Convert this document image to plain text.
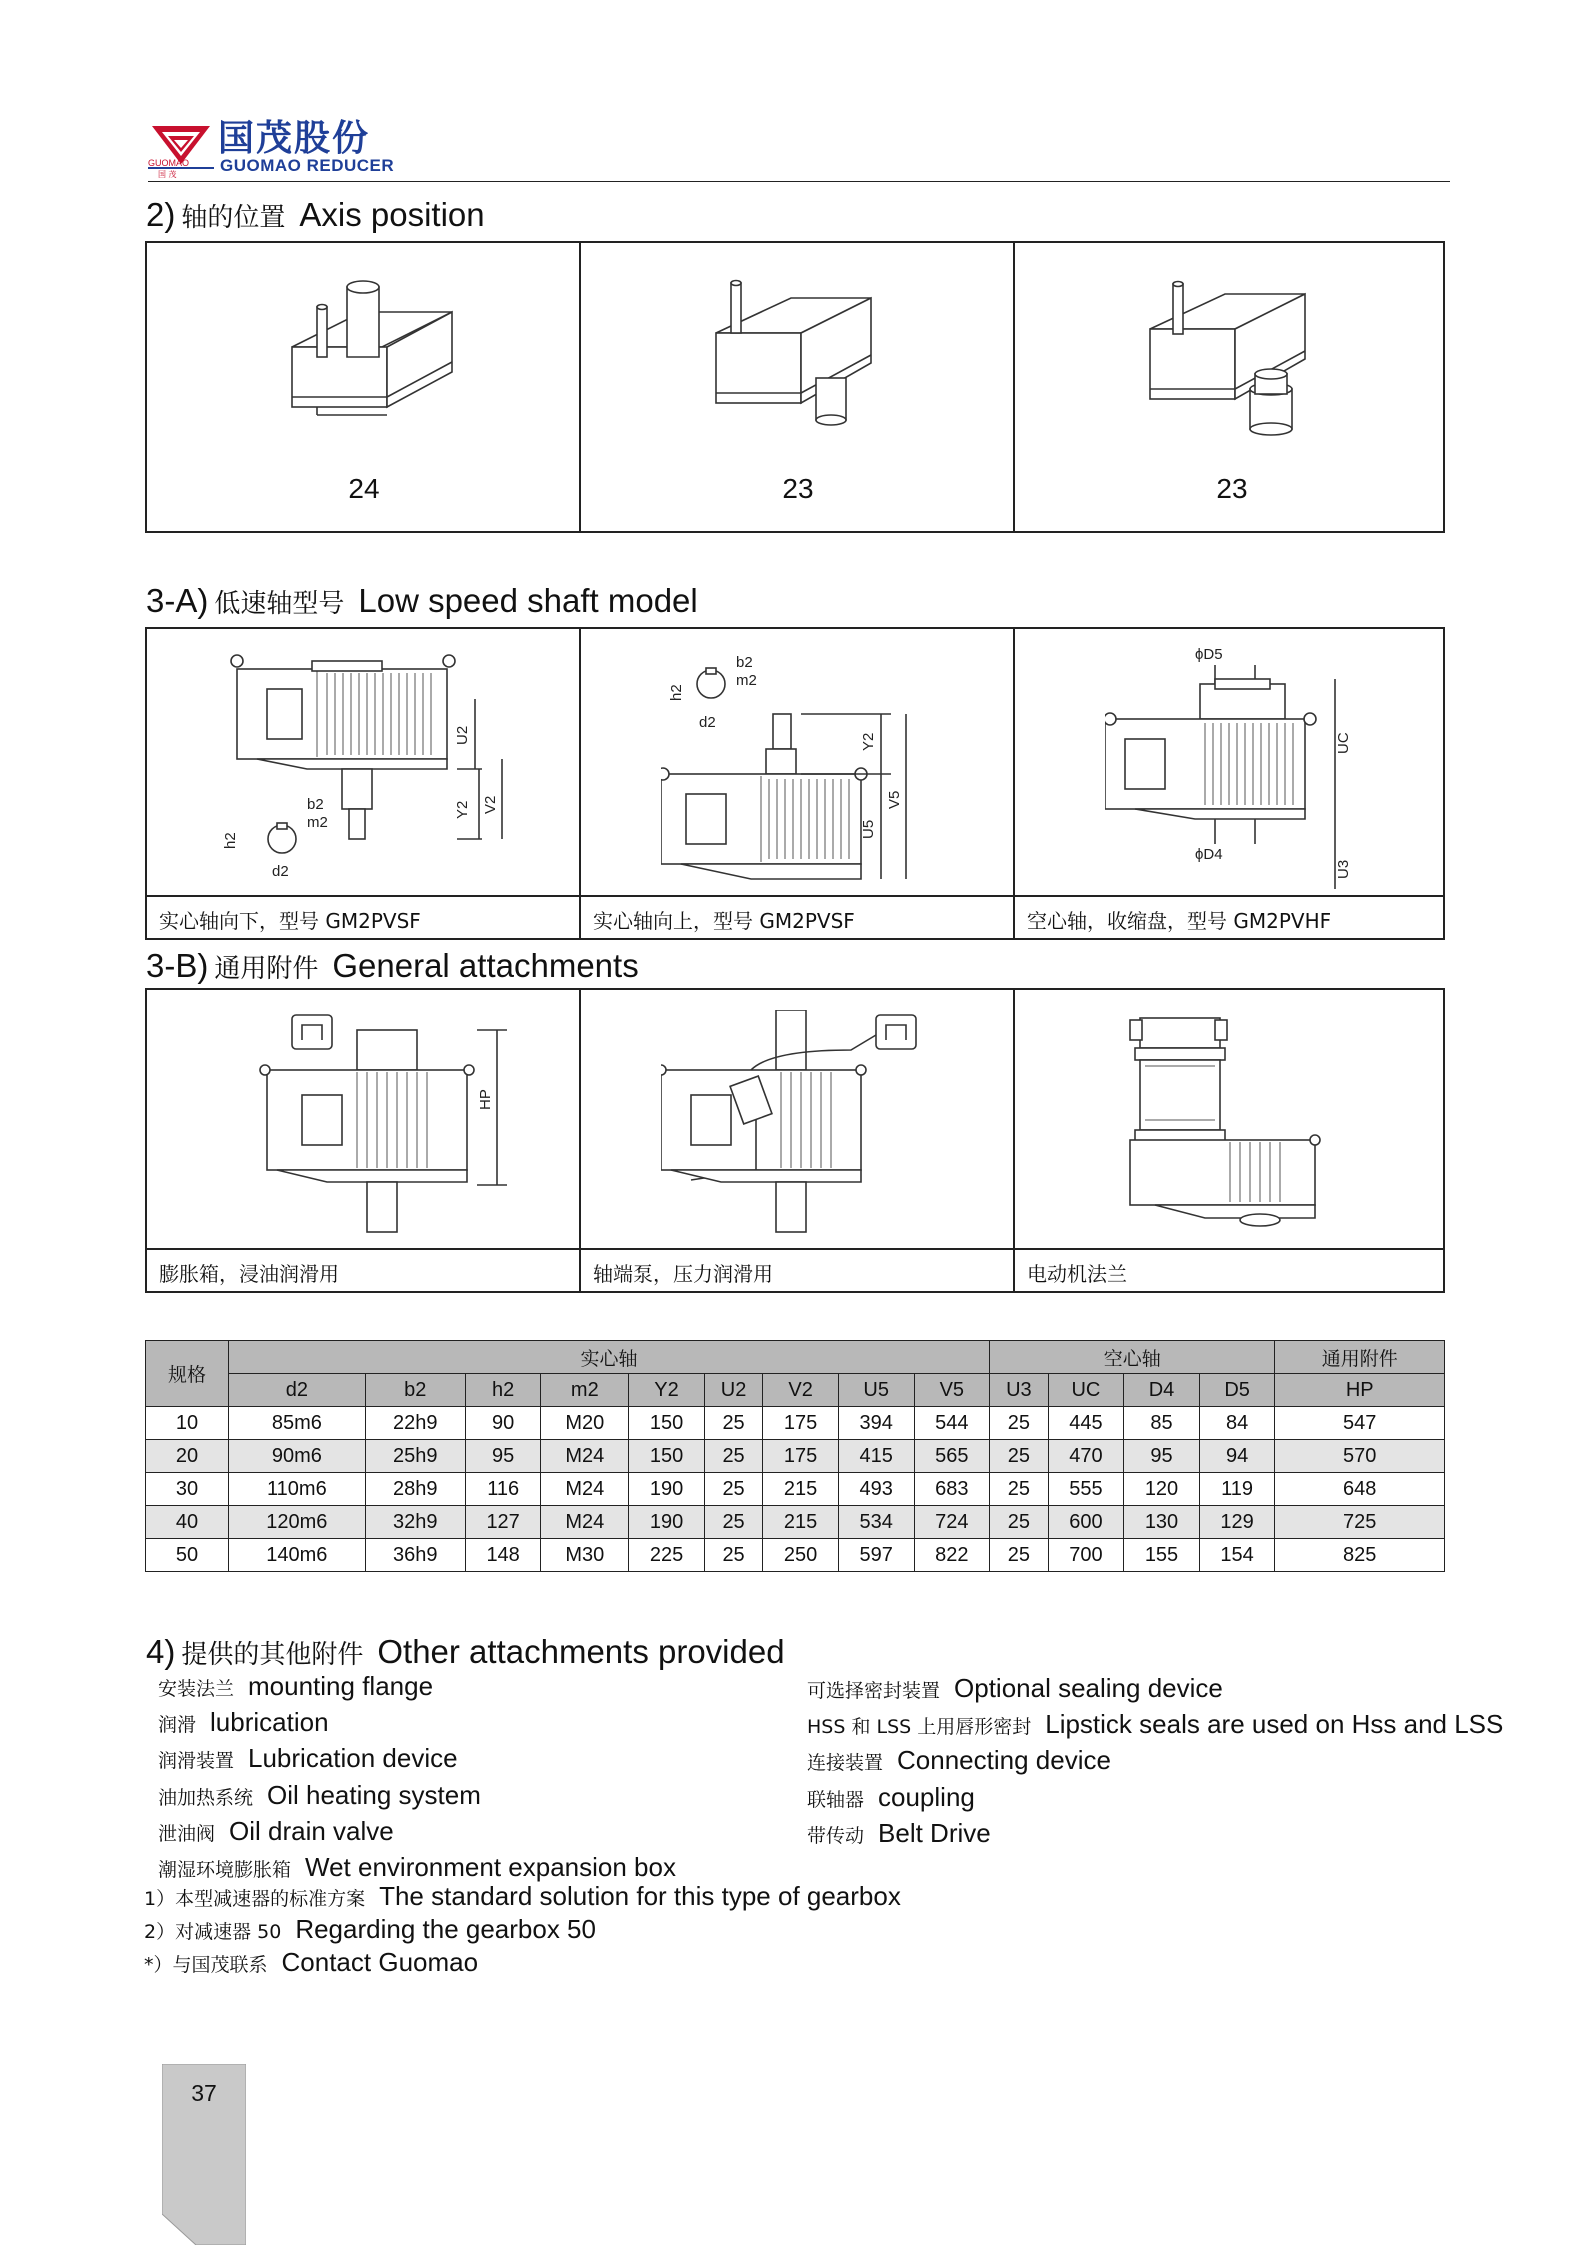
国茂股份
GUOMAO REDUCER
GUOMAO
国 茂
2) 轴的位置 Axis position
24	23	23
3-A) 低速轴型号 Low speed shaft model
U2
Y2 V2
b2
m2
h2
d2
实心轴向下，型号 GM2PVSF
b2
m2
h2
d2
Y2
U5
V5
实心轴向上，型号 GM2PVSF
ϕD5
ϕD4
UC
U3
空心轴，收缩盘，型号 GM2PVHF
3-B) 通用附件 General attachments
HP
膨胀箱，浸油润滑用	轴端泵，压力润滑用	电动机法兰
规格	实心轴									空心轴				通用附件
	d2	b2	h2	m2	Y2	U2	V2	U5	V5	U3	UC	D4	D5	HP
10	85m6	22h9	90	M20	150	25	175	394	544	25	445	85	84	547
20	90m6	25h9	95	M24	150	25	175	415	565	25	470	95	94	570
30	110m6	28h9	116	M24	190	25	215	493	683	25	555	120	119	648
40	120m6	32h9	127	M24	190	25	215	534	724	25	600	130	129	725
50	140m6	36h9	148	M30	225	25	250	597	822	25	700	155	154	825
4) 提供的其他附件 Other attachments provided
安装法兰 mounting flange
润滑 lubrication
润滑装置 Lubrication device
油加热系统 Oil heating system
泄油阀 Oil drain valve
潮湿环境膨胀箱 Wet environment expansion box
可选择密封装置 Optional sealing device
HSS 和 LSS 上用唇形密封 Lipstick seals are used on Hss and LSS
连接装置 Connecting device
联轴器 coupling
带传动 Belt Drive
1）本型减速器的标准方案 The standard solution for this type of gearbox
2）对减速器 50 Regarding the gearbox 50
*）与国茂联系 Contact Guomao
37
